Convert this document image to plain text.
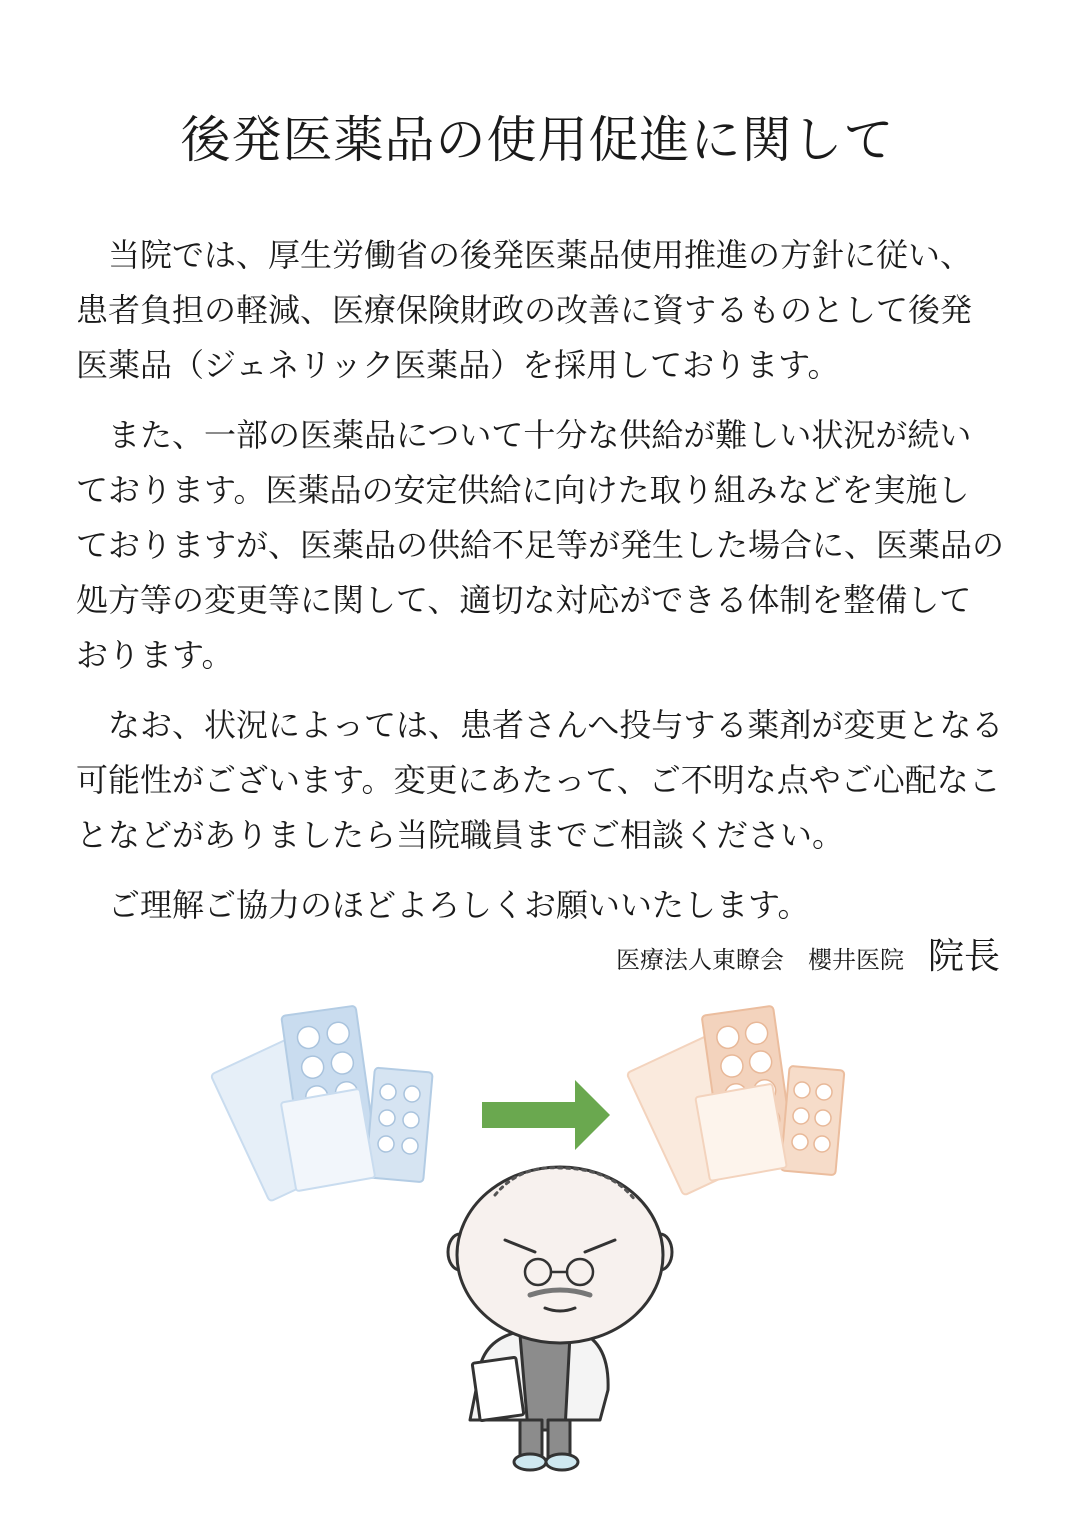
後発医薬品の使用促進に関して
　当院では、厚生労働省の後発医薬品使用推進の方針に従い、
患者負担の軽減、医療保険財政の改善に資するものとして後発
医薬品（ジェネリック医薬品）を採用しております。
　また、一部の医薬品について十分な供給が難しい状況が続い
ております。医薬品の安定供給に向けた取り組みなどを実施し
ておりますが、医薬品の供給不足等が発生した場合に、医薬品の
処方等の変更等に関して、適切な対応ができる体制を整備して
おります。
　なお、状況によっては、患者さんへ投与する薬剤が変更となる
可能性がございます。変更にあたって、ご不明な点やご心配なこ
となどがありましたら当院職員までご相談ください。
　ご理解ご協力のほどよろしくお願いいたします。
医療法人東瞭会　櫻井医院 院長
